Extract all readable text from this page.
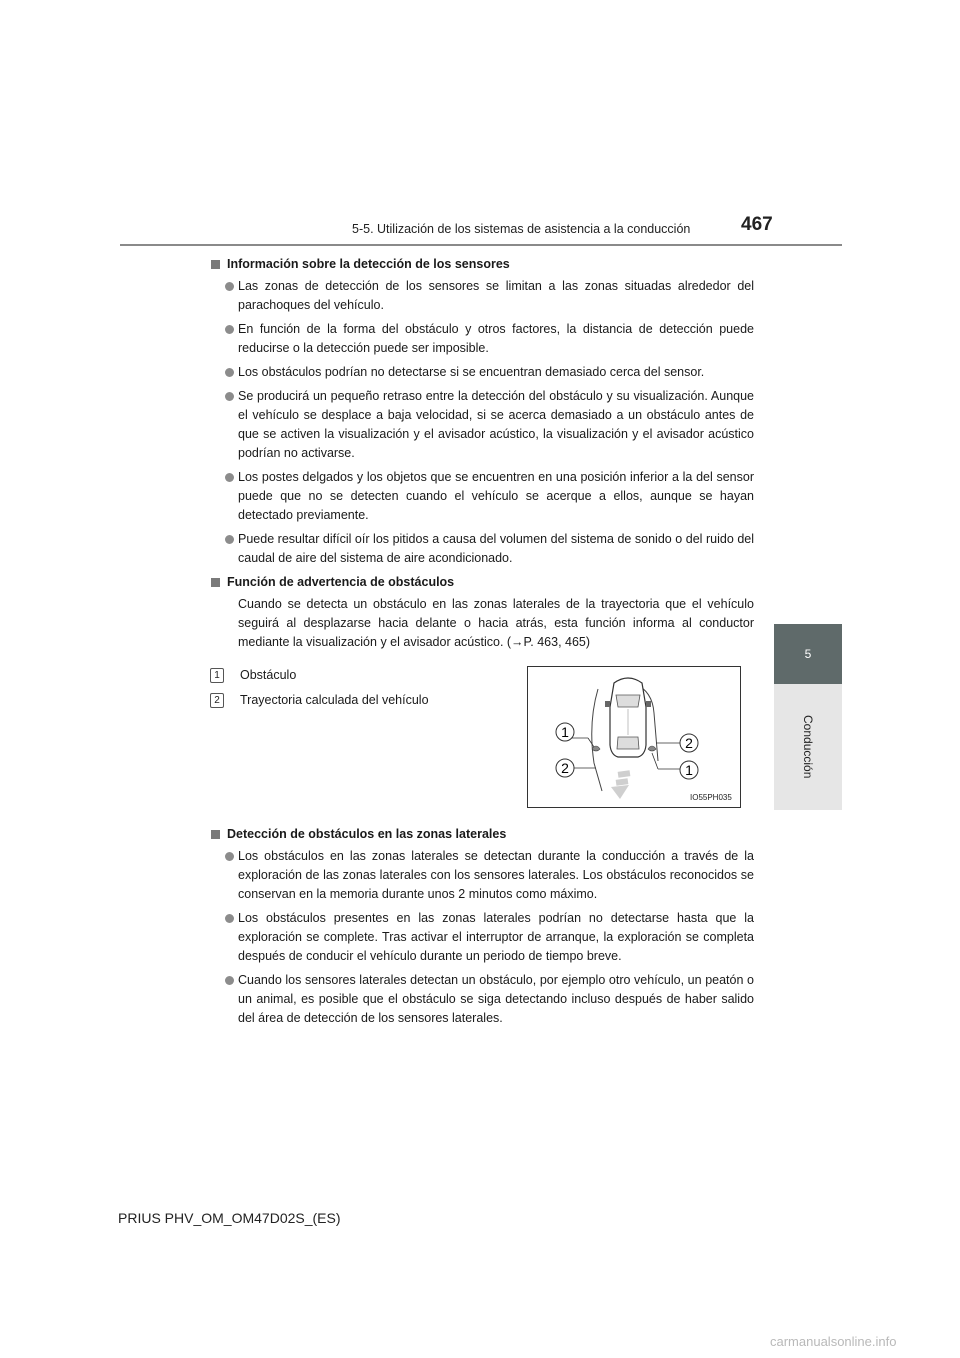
5-5. Utilización de los sistemas de asistencia a la conducción	467
5
Conducción
Información sobre la detección de los sensores
Las zonas de detección de los sensores se limitan a las zonas situadas alrededor del parachoques del vehículo.
En función de la forma del obstáculo y otros factores, la distancia de detección puede reducirse o la detección puede ser imposible.
Los obstáculos podrían no detectarse si se encuentran demasiado cerca del sensor.
Se producirá un pequeño retraso entre la detección del obstáculo y su visualización. Aunque el vehículo se desplace a baja velocidad, si se acerca demasiado a un obstáculo antes de que se activen la visualización y el avisador acústico, la visualización y el avisador acústico podrían no activarse.
Los postes delgados y los objetos que se encuentren en una posición inferior a la del sensor puede que no se detecten cuando el vehículo se acerque a ellos, aunque se hayan detectado previamente.
Puede resultar difícil oír los pitidos a causa del volumen del sistema de sonido o del ruido del caudal de aire del sistema de aire acondicionado.
Función de advertencia de obstáculos
Cuando se detecta un obstáculo en las zonas laterales de la trayectoria que el vehículo seguirá al desplazarse hacia delante o hacia atrás, esta función informa al conductor mediante la visualización y el avisador acústico. (→P. 463, 465)
1	Obstáculo
2	Trayectoria calculada del vehículo
1
2
2
1
IO55PH035
Detección de obstáculos en las zonas laterales
Los obstáculos en las zonas laterales se detectan durante la conducción a través de la exploración de las zonas laterales con los sensores laterales. Los obstáculos reconocidos se conservan en la memoria durante unos 2 minutos como máximo.
Los obstáculos presentes en las zonas laterales podrían no detectarse hasta que la exploración se complete. Tras activar el interruptor de arranque, la exploración se completa después de conducir el vehículo durante un periodo de tiempo breve.
Cuando los sensores laterales detectan un obstáculo, por ejemplo otro vehículo, un peatón o un animal, es posible que el obstáculo se siga detectando incluso después de haber salido del área de detección de los sensores laterales.
PRIUS PHV_OM_OM47D02S_(ES)
carmanualsonline.info
